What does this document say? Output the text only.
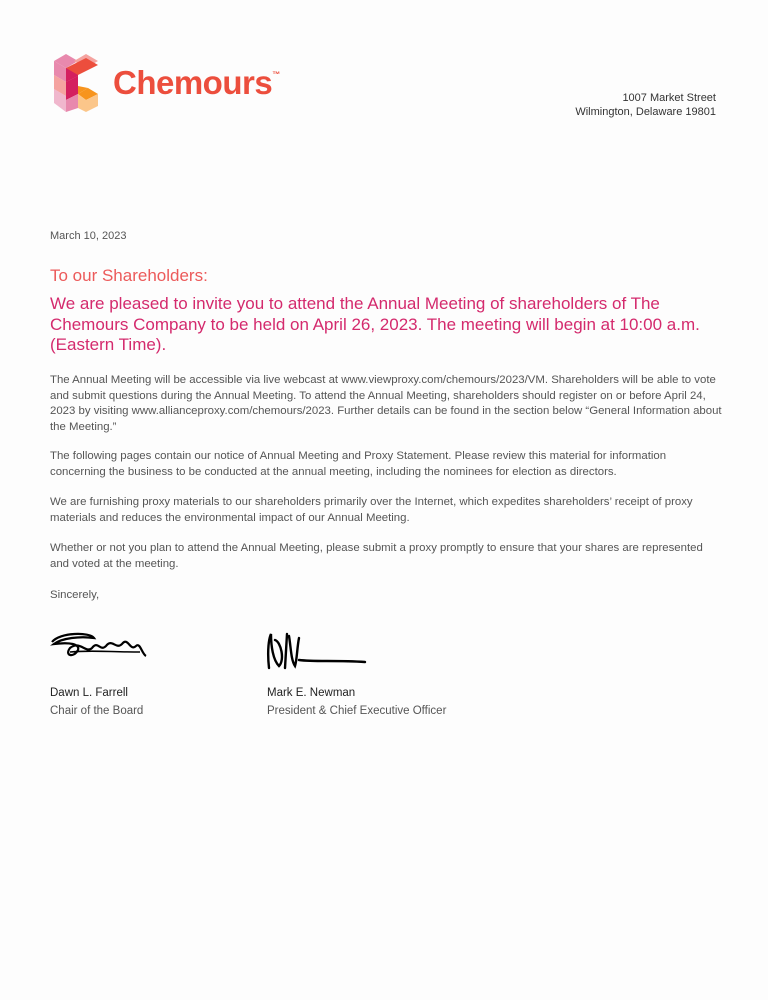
Chemours™
1007 Market Street
Wilmington, Delaware 19801
March 10, 2023
To our Shareholders:
We are pleased to invite you to attend the Annual Meeting of shareholders of The Chemours Company to be held on April 26, 2023. The meeting will begin at 10:00 a.m. (Eastern Time).
The Annual Meeting will be accessible via live webcast at www.viewproxy.com/chemours/2023/VM. Shareholders will be able to vote and submit questions during the Annual Meeting. To attend the Annual Meeting, shareholders should register on or before April 24, 2023 by visiting www.allianceproxy.com/chemours/2023. Further details can be found in the section below “General Information about the Meeting.”
The following pages contain our notice of Annual Meeting and Proxy Statement. Please review this material for information concerning the business to be conducted at the annual meeting, including the nominees for election as directors.
We are furnishing proxy materials to our shareholders primarily over the Internet, which expedites shareholders’ receipt of proxy materials and reduces the environmental impact of our Annual Meeting.
Whether or not you plan to attend the Annual Meeting, please submit a proxy promptly to ensure that your shares are represented and voted at the meeting.
Sincerely,
Dawn L. Farrell
Chair of the Board
Mark E. Newman
President & Chief Executive Officer
